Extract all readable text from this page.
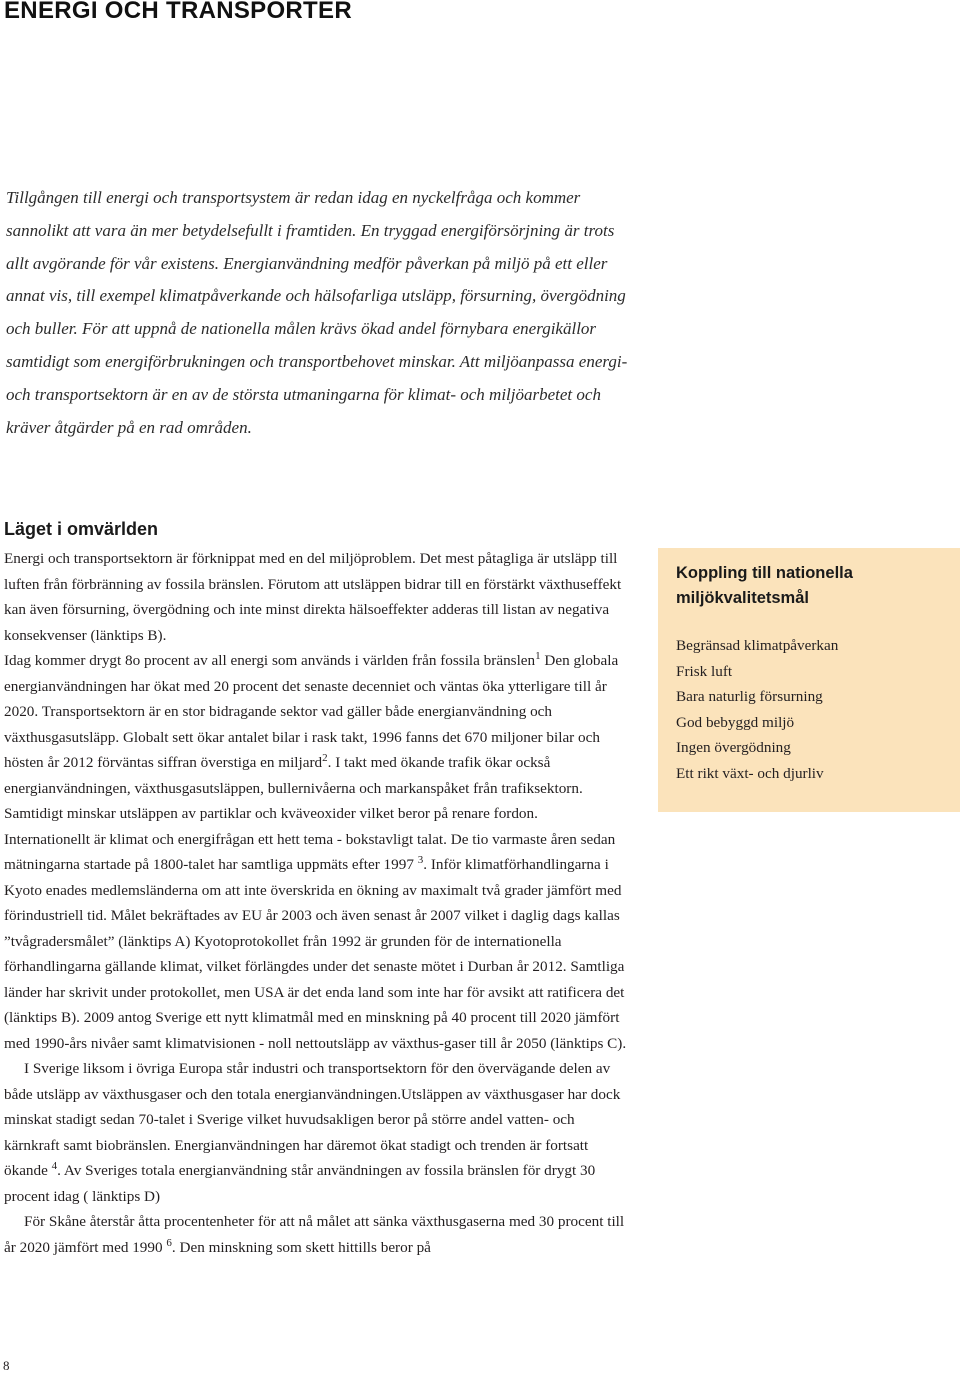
ENERGI OCH TRANSPORTER

Tillgången till energi och transportsystem är redan idag en nyckelfråga och kommer sannolikt att vara än mer betydelsefullt i framtiden. En tryggad energiförsörjning är trots allt avgörande för vår existens. Energianvändning medför påverkan på miljö på ett eller annat vis, till exempel klimatpåverkande och hälsofarliga utsläpp, försurning, övergödning och buller. För att uppnå de nationella målen krävs ökad andel förnybara energikällor samtidigt som energiförbrukningen och transportbehovet minskar. Att miljöanpassa energi- och transportsektorn är en av de största utmaningarna för klimat- och miljöarbetet och kräver åtgärder på en rad områden.

Läget i omvärlden

Energi och transportsektorn är förknippat med en del miljöproblem. Det mest påtagliga är utsläpp till luften från förbränning av fossila bränslen. Förutom att utsläppen bidrar till en förstärkt växthuseffekt kan även försurning, övergödning och inte minst direkta hälsoeffekter adderas till listan av negativa konsekvenser (länktips B).

Idag kommer drygt 8o procent av all energi som används i världen från fossila bränslen$^1$ Den globala energianvändningen har ökat med 20 procent det senaste decenniet och väntas öka ytterligare till år 2020. Transportsektorn är en stor bidragande sektor vad gäller både energianvändning och växthusgasutsläpp. Globalt sett ökar antalet bilar i rask takt, 1996 fanns det 670 miljoner bilar och hösten år 2012 förväntas siffran överstiga en miljard$^2$. I takt med ökande trafik ökar också energianvändningen, växthusgasutsläppen, bullernivåerna och markanspåket från trafiksektorn. Samtidigt minskar utsläppen av partiklar och kväveoxider vilket beror på renare fordon.

Internationellt är klimat och energifrågan ett hett tema - bokstavligt talat. De tio varmaste åren sedan mätningarna startade på 1800-talet har samtliga uppmäts efter 1997 $^3$. Inför klimatförhandlingarna i Kyoto enades medlemsländerna om att inte överskrida en ökning av maximalt två grader jämfört med förindustriell tid. Målet bekräftades av EU år 2003 och även senast år 2007 vilket i daglig dags kallas ”tvågradersmålet” (länktips A) Kyotoprotokollet från 1992 är grunden för de internationella förhandlingarna gällande klimat, vilket förlängdes under det senaste mötet i Durban år 2012. Samtliga länder har skrivit under protokollet, men USA är det enda land som inte har för avsikt att ratificera det (länktips B). 2009 antog Sverige ett nytt klimatmål med en minskning på 40 procent till 2020 jämfört med 1990-års nivåer samt klimatvisionen - noll nettoutsläpp av växthus-gaser till år 2050 (länktips C).

I Sverige liksom i övriga Europa står industri och transportsektorn för den övervägande delen av både utsläpp av växthusgaser och den totala energianvändningen.Utsläppen av växthusgaser har dock minskat stadigt sedan 70-talet i Sverige vilket huvudsakligen beror på större andel vatten- och kärnkraft samt biobränslen. Energianvändningen har däremot ökat stadigt och trenden är fortsatt ökande $^4$. Av Sveriges totala energianvändning står användningen av fossila bränslen för drygt 30 procent idag ( länktips D)

För Skåne återstår åtta procentenheter för att nå målet att sänka växthusgaserna med 30 procent till år 2020 jämfört med 1990 $^6$. Den minskning som skett hittills beror på

Koppling till nationella miljökvalitetsmål
Begränsad klimatpåverkan
Frisk luft
Bara naturlig försurning
God bebyggd miljö
Ingen övergödning
Ett rikt växt- och djurliv
8
